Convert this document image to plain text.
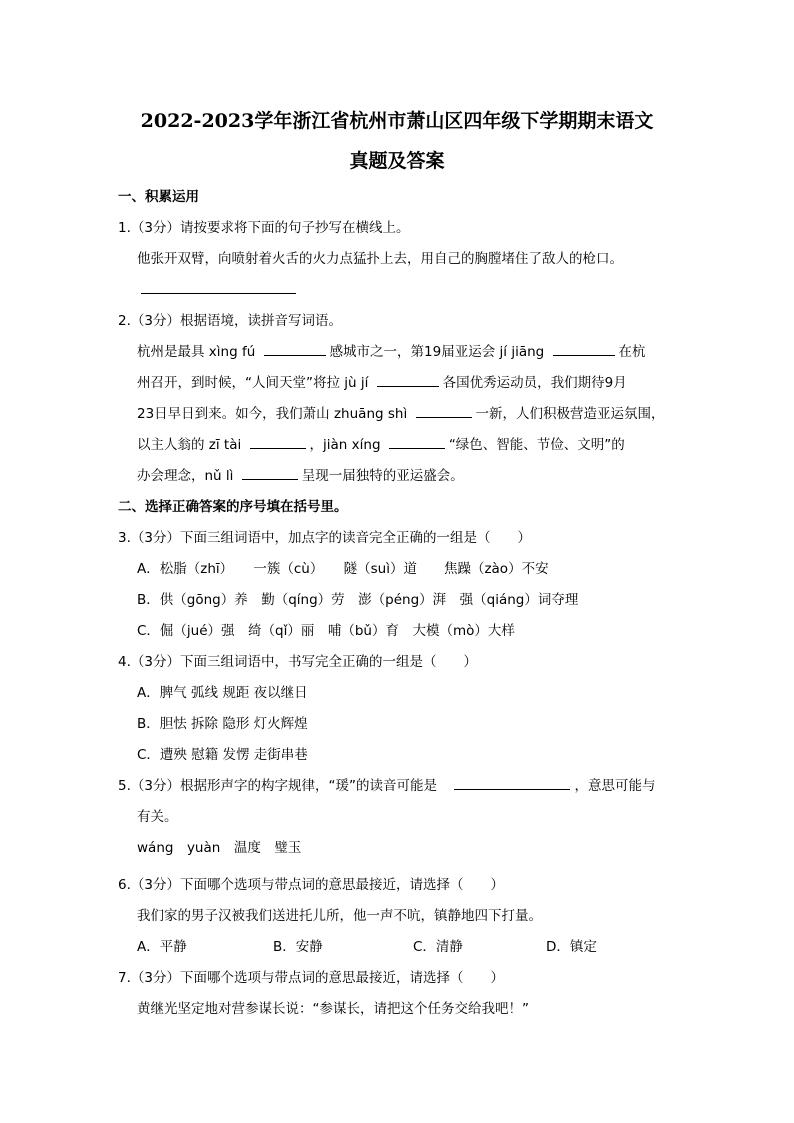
2022-2023学年浙江省杭州市萧山区四年级下学期期末语文
真题及答案
一、积累运用
1.（3分）请按要求将下面的句子抄写在横线上。
他张开双臂，向喷射着火舌的火力点猛扑上去，用自己的胸膛堵住了敌人的枪口。
2.（3分）根据语境，读拼音写词语。
杭州是最具 xìng fú	感城市之一，第19届亚运会 jí jiāng	在杭
州召开，到时候，“人间天堂”将拉 jù jí	各国优秀运动员，我们期待9月
23日早日到来。如今，我们萧山 zhuāng shì	一新，人们积极营造亚运氛围，
以主人翁的 zī tài	，jiàn xíng	“绿色、智能、节俭、文明”的
办会理念，nǔ lì	呈现一届独特的亚运盛会。
二、选择正确答案的序号填在括号里。
3.（3分）下面三组词语中，加点字的读音完全正确的一组是（　　）
A．松脂（zhī）　　一簇（cù）　　隧（suì）道　　焦躁（zào）不安
B．供（gōng）养　勤（qíng）劳　澎（péng）湃　强（qiáng）词夺理
C．倔（jué）强　绮（qǐ）丽　哺（bǔ）育　大模（mò）大样
4.（3分）下面三组词语中，书写完全正确的一组是（　　）
A．脾气 弧线 规距 夜以继日
B．胆怯 拆除 隐形 灯火辉煌
C．遭殃 慰籍 发愣 走街串巷
5.（3分）根据形声字的构字规律，“瑗”的读音可能是　	，意思可能与
有关。
wáng　yuàn　温度　璧玉
6.（3分）下面哪个选项与带点词的意思最接近，请选择（　　）
我们家的男子汉被我们送进托儿所，他一声不吭，镇静地四下打量。
A．平静	B．安静	C．清静	D．镇定
7.（3分）下面哪个选项与带点词的意思最接近，请选择（　　）
黄继光坚定地对营参谋长说：“参谋长，请把这个任务交给我吧！”
